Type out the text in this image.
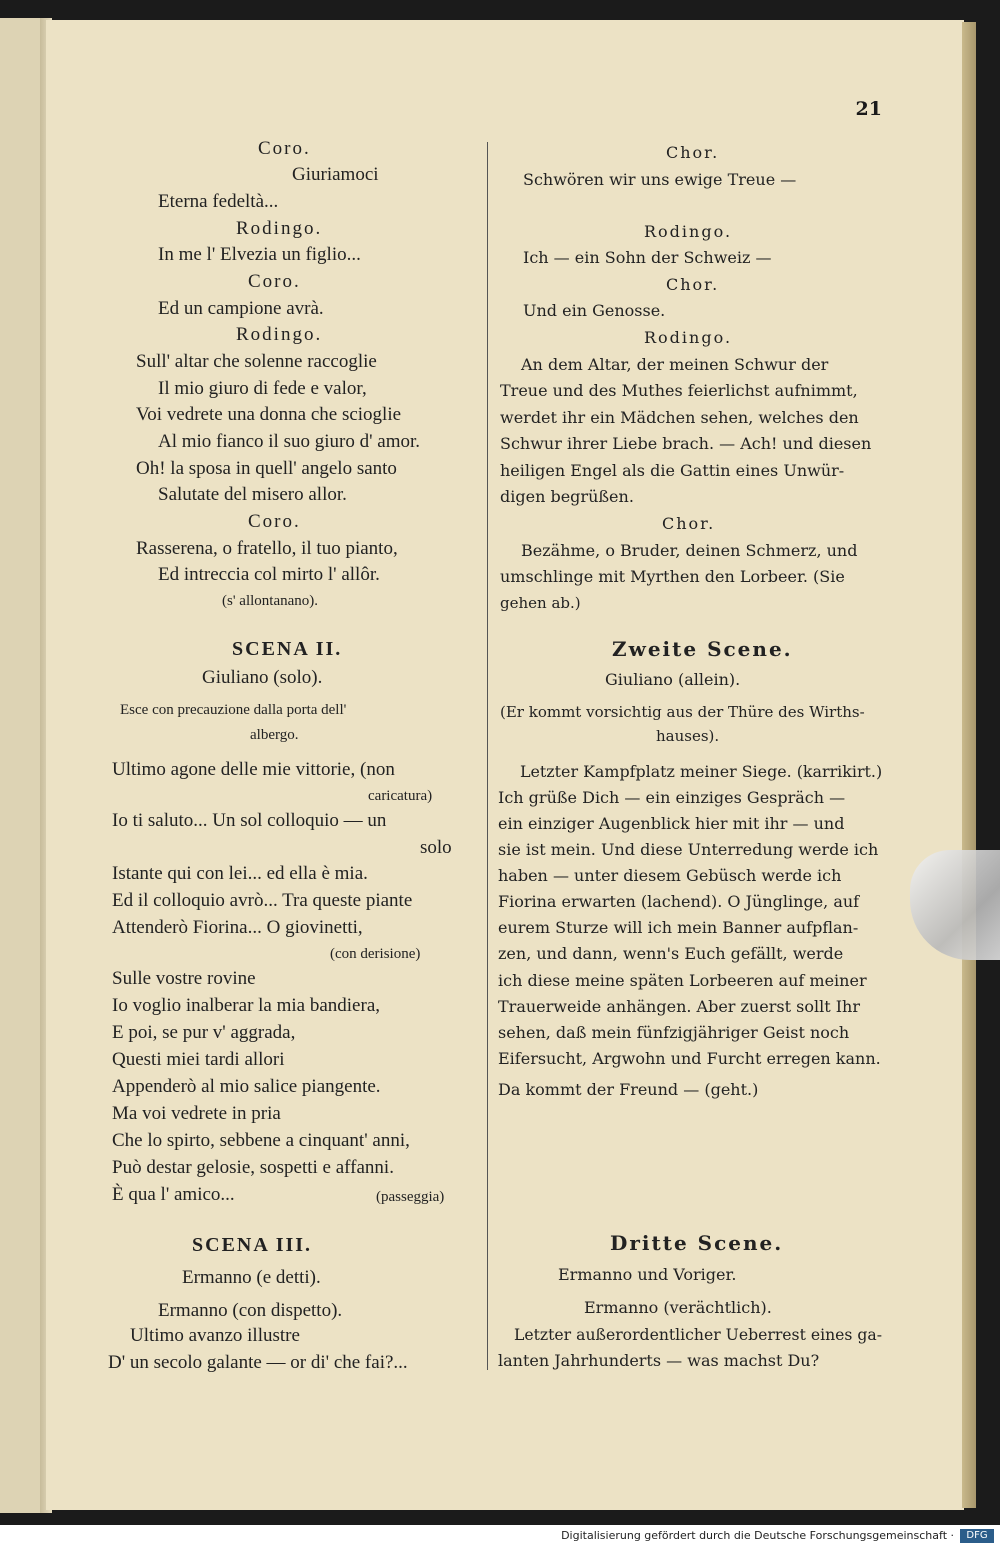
21
Coro.
Giuriamoci
Eterna fedeltà...
Rodingo.
In me l' Elvezia un figlio...
Coro.
Ed un campione avrà.
Rodingo.
Sull' altar che solenne raccoglie
Il mio giuro di fede e valor,
Voi vedrete una donna che scioglie
Al mio fianco il suo giuro d' amor.
Oh! la sposa in quell' angelo santo
Salutate del misero allor.
Coro.
Rasserena, o fratello, il tuo pianto,
Ed intreccia col mirto l' allôr.
(s' allontanano).
SCENA II.
Giuliano (solo).
Esce con precauzione dalla porta dell'
albergo.
Ultimo agone delle mie vittorie, (non
caricatura)
Io ti saluto... Un sol colloquio — un
solo
Istante qui con lei... ed ella è mia.
Ed il colloquio avrò... Tra queste piante
Attenderò Fiorina... O giovinetti,
(con derisione)
Sulle vostre rovine
Io voglio inalberar la mia bandiera,
E poi, se pur v' aggrada,
Questi miei tardi allori
Appenderò al mio salice piangente.
Ma voi vedrete in pria
Che lo spirto, sebbene a cinquant' anni,
Può destar gelosie, sospetti e affanni.
È qua l' amico...	(passeggia)
SCENA III.
Ermanno (e detti).
Ermanno (con dispetto).
Ultimo avanzo illustre
D' un secolo galante — or di' che fai?...
Chor.
Schwören wir uns ewige Treue —
Rodingo.
Ich — ein Sohn der Schweiz —
Chor.
Und ein Genosse.
Rodingo.
An dem Altar, der meinen Schwur der
Treue und des Muthes feierlichst aufnimmt,
werdet ihr ein Mädchen sehen, welches den
Schwur ihrer Liebe brach. — Ach! und diesen
heiligen Engel als die Gattin eines Unwür-
digen begrüßen.
Chor.
Bezähme, o Bruder, deinen Schmerz, und
umschlinge mit Myrthen den Lorbeer. (Sie
gehen ab.)
Zweite Scene.
Giuliano (allein).
(Er kommt vorsichtig aus der Thüre des Wirths-
hauses).
Letzter Kampfplatz meiner Siege. (karrikirt.)
Ich grüße Dich — ein einziges Gespräch —
ein einziger Augenblick hier mit ihr — und
sie ist mein. Und diese Unterredung werde ich
haben — unter diesem Gebüsch werde ich
Fiorina erwarten (lachend). O Jünglinge, auf
eurem Sturze will ich mein Banner aufpflan-
zen, und dann, wenn's Euch gefällt, werde
ich diese meine späten Lorbeeren auf meiner
Trauerweide anhängen. Aber zuerst sollt Ihr
sehen, daß mein fünfzigjähriger Geist noch
Eifersucht, Argwohn und Furcht erregen kann.
Da kommt der Freund — (geht.)
Dritte Scene.
Ermanno und Voriger.
Ermanno (verächtlich).
Letzter außerordentlicher Ueberrest eines ga-
lanten Jahrhunderts — was machst Du?
Digitalisierung gefördert durch die Deutsche Forschungsgemeinschaft ·	DFG
